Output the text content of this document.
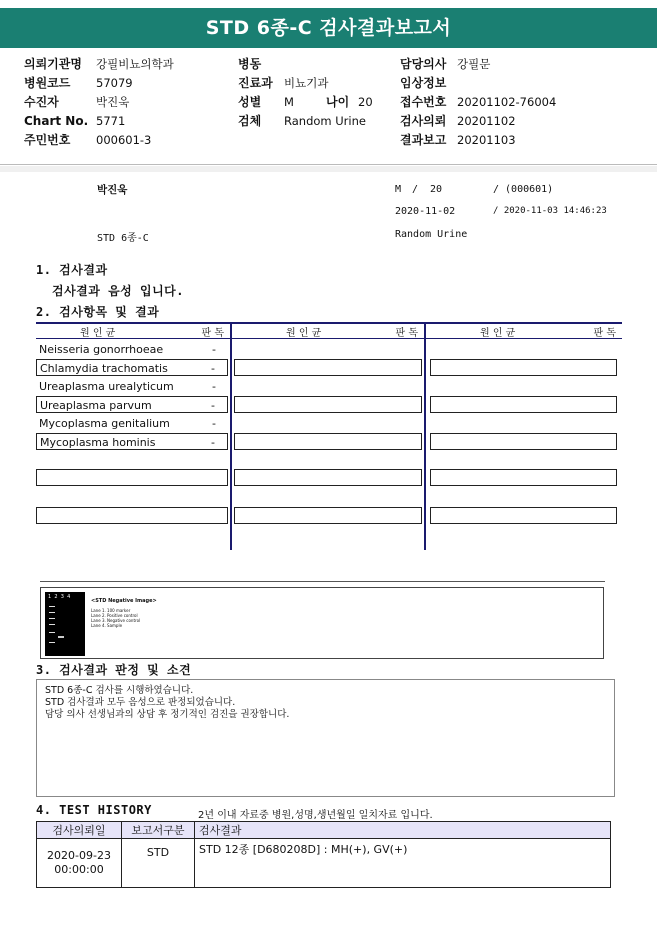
STD 6종-C 검사결과보고서
의뢰기관명 강필비뇨의학과
병원코드 57079
수진자	박진욱
Chart No. 5771
주민번호 000601-3
병동
진료과 비뇨기과
성별 M	나이 20
검체 Random Urine
담당의사 강필문
임상정보
접수번호 20201102-76004
검사의뢰 20201102
결과보고 20201103
박진욱	M / 20	/ (000601)
2020-11-02	/ 2020-11-03 14:46:23
STD 6종-C	Random Urine
1. 검사결과
검사결과 음성 입니다.
2. 검사항목 및 결과
원 인 균	판 독	원 인 균	판 독	원 인 균	판 독
Neisseria gonorrhoeae	-
Chlamydia trachomatis	-
Ureaplasma urealyticum	-
Ureaplasma parvum	-
Mycoplasma genitalium	-
Mycoplasma hominis	-
1  2  3  4
<STD Negative Image>
Lane 1. 100 marker
Lane 2. Positive control
Lane 3. Negative control
Lane 4. Sample
3. 검사결과 판정 및 소견
STD 6종-C 검사를 시행하였습니다.
STD 검사결과 모두 음성으로 판정되었습니다.
담당 의사 선생님과의 상담 후 정기적인 검진을 권장합니다.
4. TEST HISTORY	2년 이내 자료중 병원,성명,생년월일 일치자료 입니다.
검사의뢰일	보고서구분	검사결과

2020-09-23
00:00:00	STD	STD 12종 [D680208D] : MH(+), GV(+)
